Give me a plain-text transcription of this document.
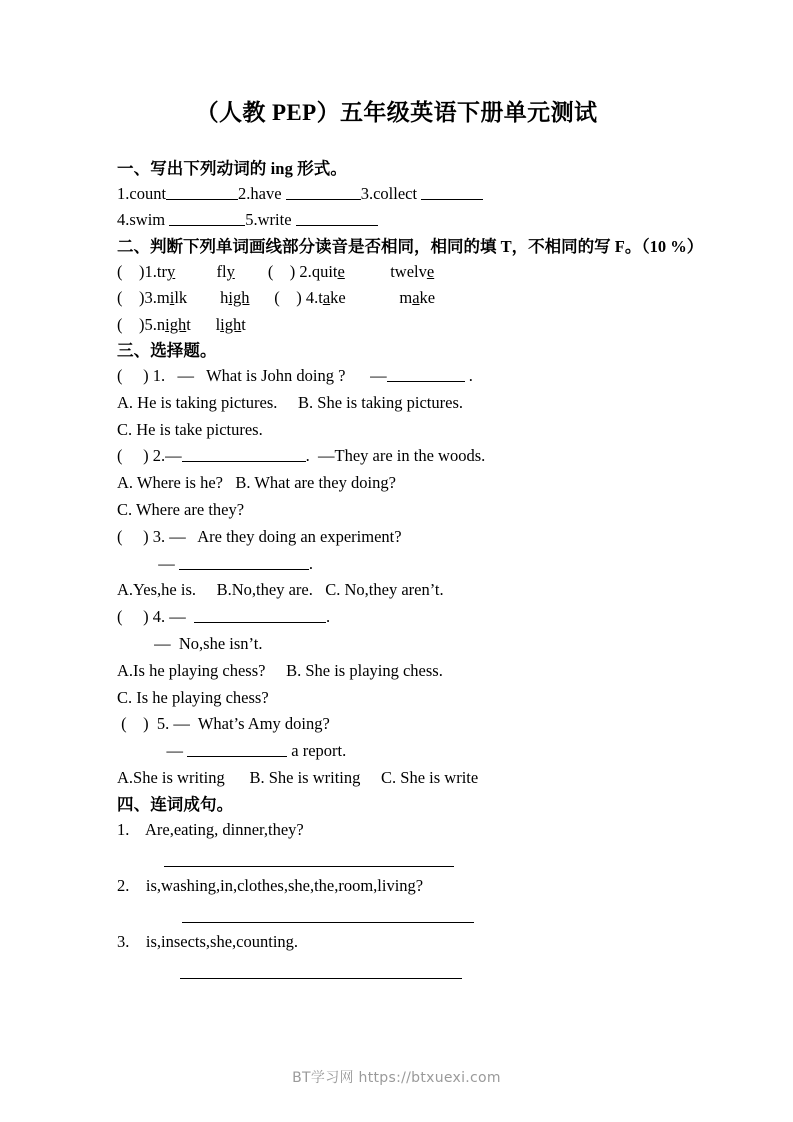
（人教 PEP）五年级英语下册单元测试
一、写出下列动词的 ing 形式。
1.count	2.have	3.collect
4.swim	5.write
二、判断下列单词画线部分读音是否相同，相同的填 T，不相同的写 F。（10 %）
(    )1.try	fly (    ) 2.quite	twelve
(    )3.milk high (    ) 4.take	make
(    )5.night light
三、选择题。
(     ) 1. —   What is John doing ? —	.
A. He is taking pictures. B. She is taking pictures.
C. He is take pictures.
(     ) 2.—	.  —They are in the woods.
A. Where is he? B. What are they doing?
C. Where are they?
(     ) 3. —   Are they doing an experiment?
—	.
A.Yes,he is. B.No,they are. C. No,they aren’t.
(     ) 4. —	.
—  No,she isn’t.
A.Is he playing chess? B. She is playing chess.
C. Is he playing chess?
(    )  5. —  What’s Amy doing?
—	a report.
A.She is writing B. She is writing C. She is write
四、连词成句。
1. Are,eating, dinner,they?
2. is,washing,in,clothes,she,the,room,living?
3. is,insects,she,counting.
BT学习网 https://btxuexi.com
